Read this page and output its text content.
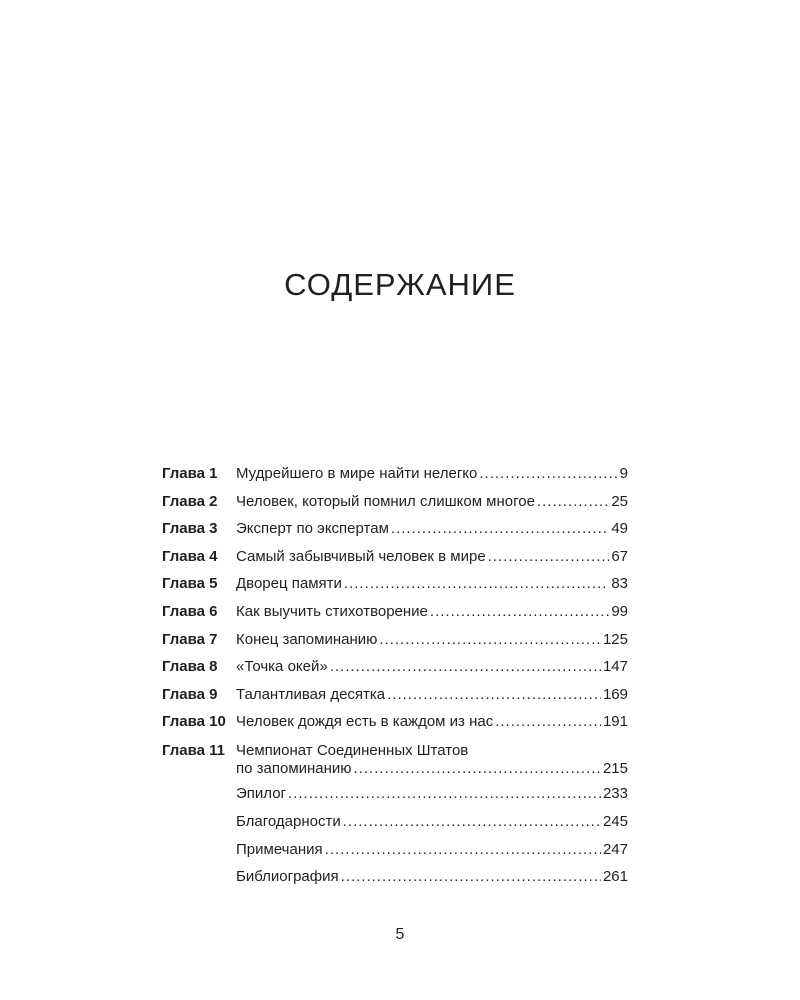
СОДЕРЖАНИЕ
Глава 1	Мудрейшего в мире найти нелегко .....	9
Глава 2	Человек, который помнил слишком многое .....	25
Глава 3	Эксперт по экспертам .....	49
Глава 4	Самый забывчивый человек в мире .....	67
Глава 5	Дворец памяти .....	83
Глава 6	Как выучить стихотворение .....	99
Глава 7	Конец запоминанию .....	125
Глава 8	«Точка окей» .....	147
Глава 9	Талантливая десятка .....	169
Глава 10 Человек дождя есть в каждом из нас .....	191
Глава 11 Чемпионат Соединенных Штатов
по запоминанию .....	215
Эпилог .....	233
Благодарности .....	245
Примечания .....	247
Библиография .....	261
5
